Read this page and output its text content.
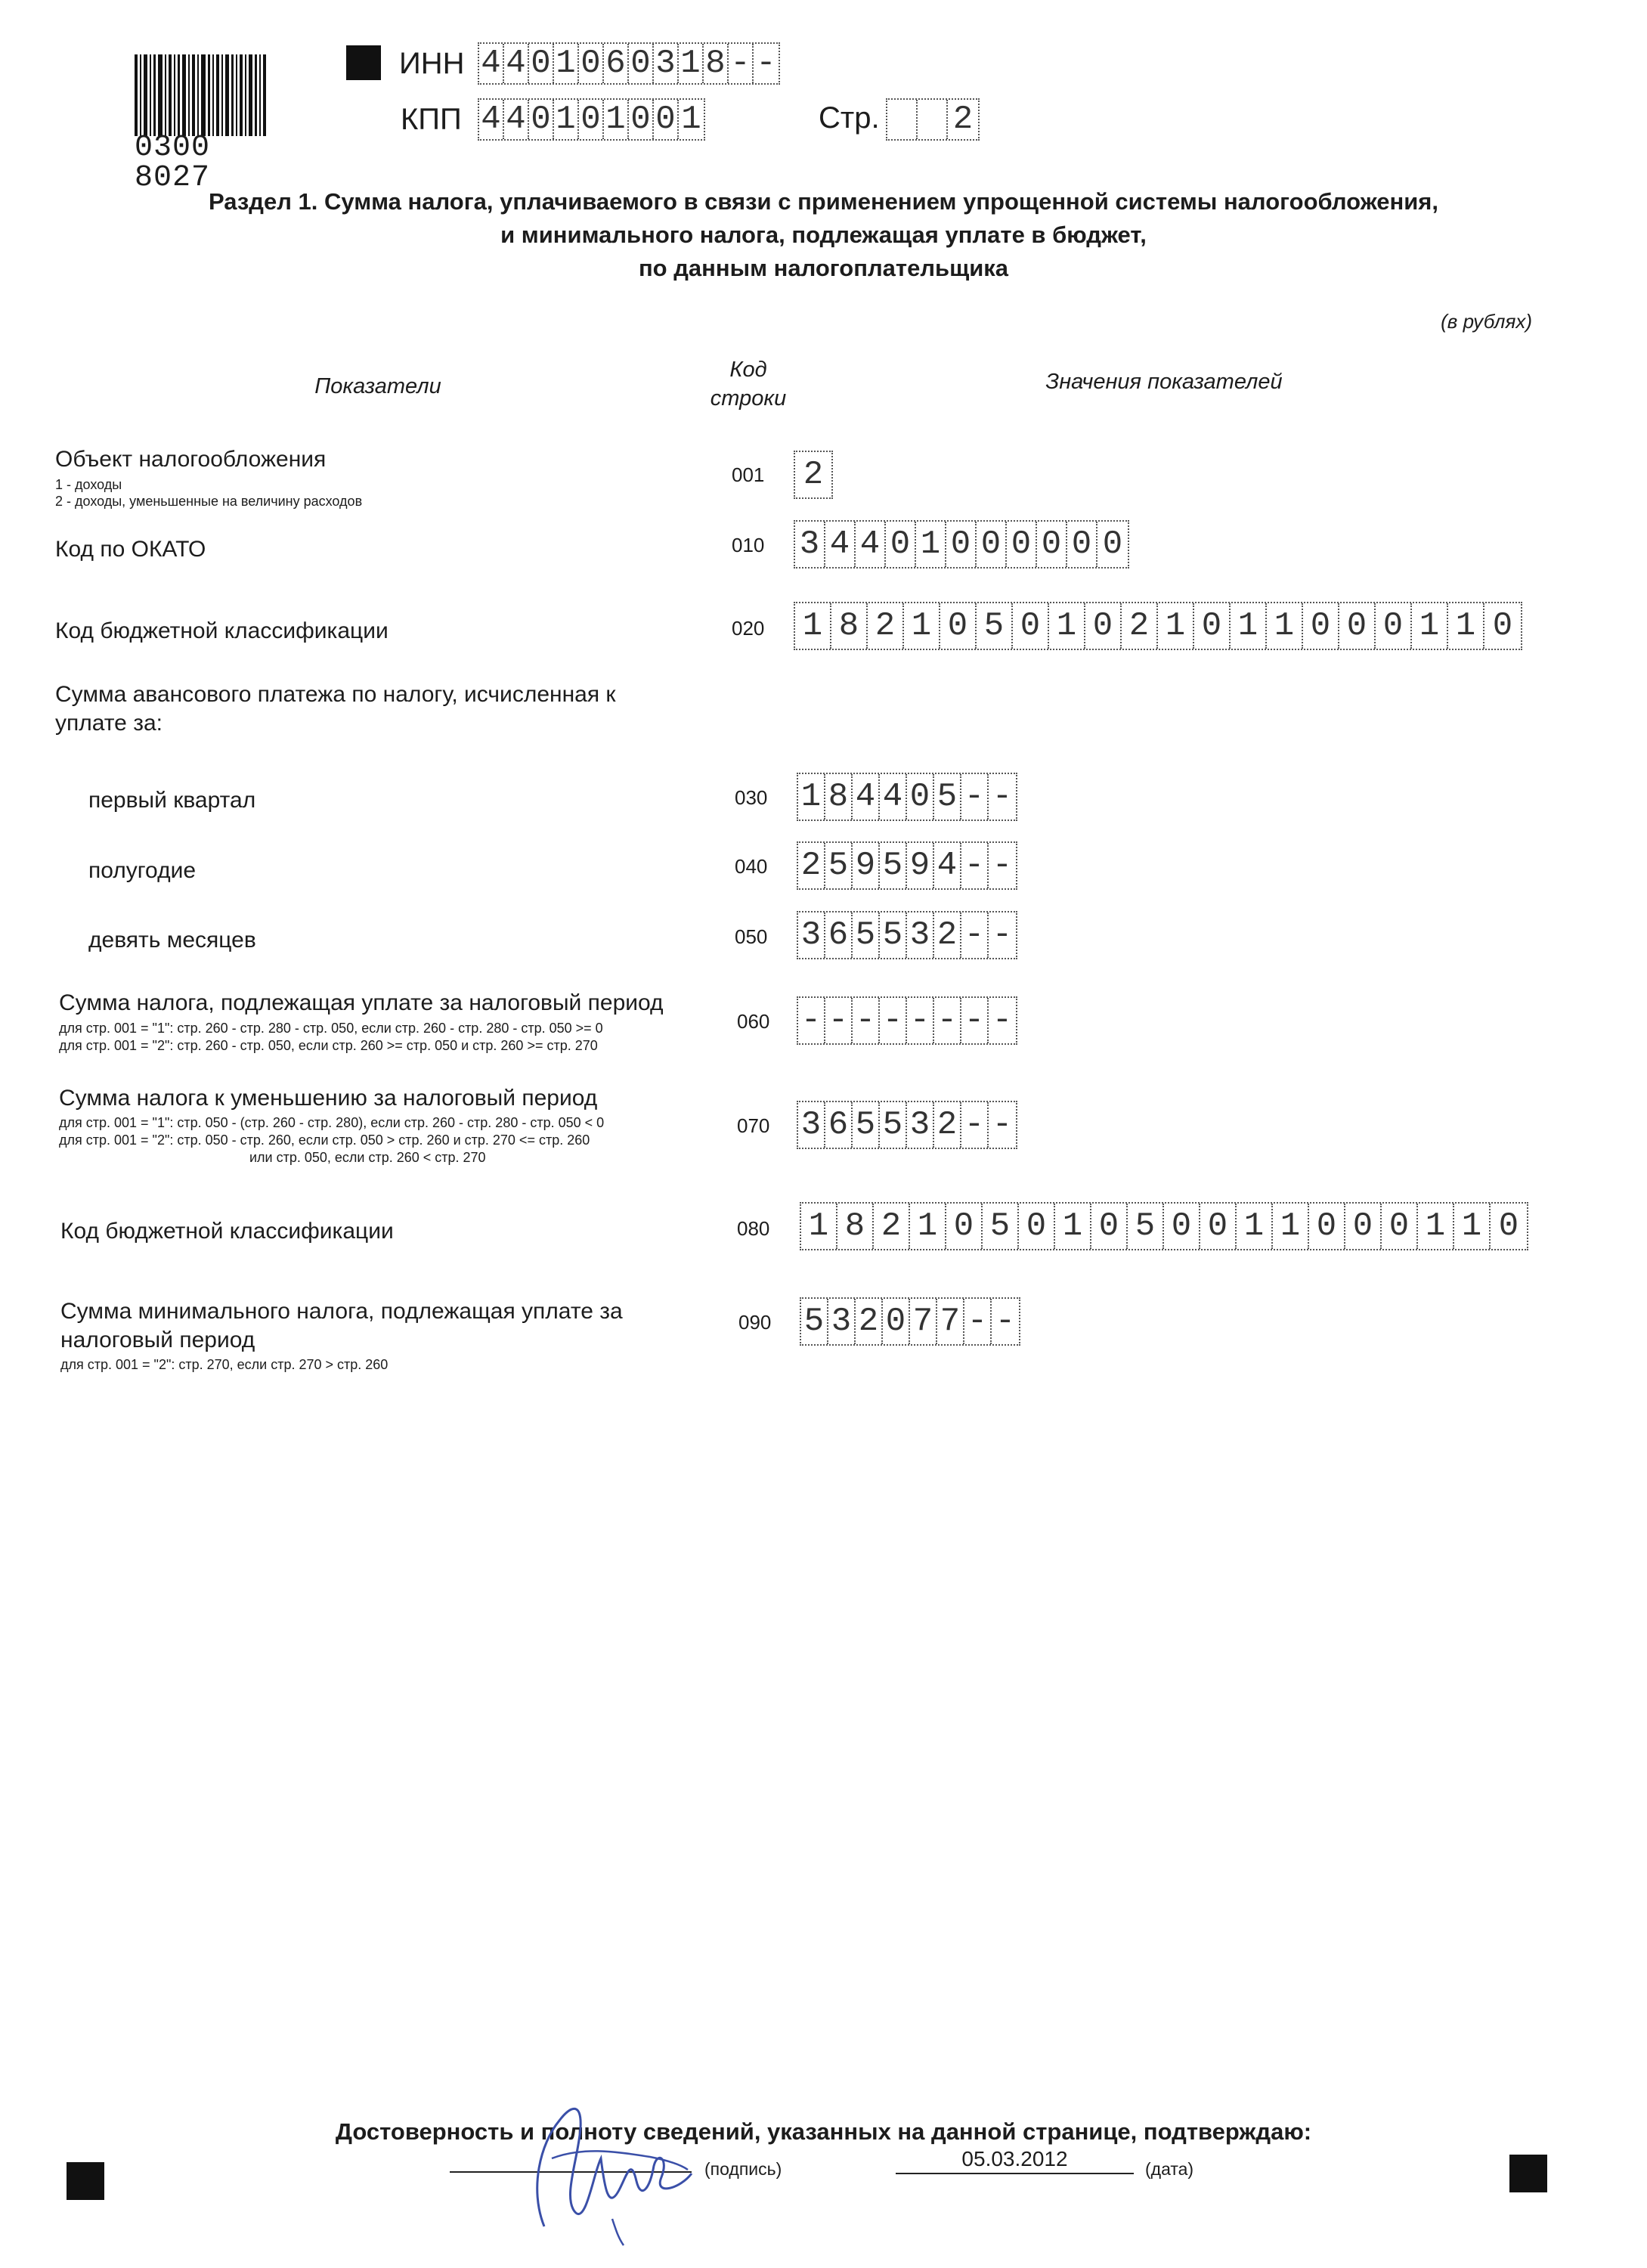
0300 8027
ИНН 4 4 0 1 0 6 0 3 1 8 - -
КПП 4 4 0 1 0 1 0 0 1	Стр. 2
Раздел 1. Сумма налога, уплачиваемого в связи с применением упрощенной системы налогообложения,
и минимального налога, подлежащая уплате в бюджет,
по данным налогоплательщика
(в рублях)
Показатели
Код
строки
Значения показателей
Объект налогообложения
1 - доходы
2 - доходы, уменьшенные на величину расходов
001 2
Код по ОКАТО	010 3 4 4 0 1 0 0 0 0 0 0
Код бюджетной классификации	020 1 8 2 1 0 5 0 1 0 2 1 0 1 1 0 0 0 1 1 0
Сумма авансового платежа по налогу, исчисленная к
уплате за:
первый квартал	030 1 8 4 4 0 5 - -
полугодие	040 2 5 9 5 9 4 - -
девять месяцев	050 3 6 5 5 3 2 - -
Сумма налога, подлежащая уплате за налоговый период
для стр. 001 = "1": стр. 260 - стр. 280 - стр. 050, если стр. 260 - стр. 280 - стр. 050 >= 0
для стр. 001 = "2": стр. 260 - стр. 050, если стр. 260 >= стр. 050 и стр. 260 >= стр. 270
060 - - - - - - - -
Сумма налога к уменьшению за налоговый период
для стр. 001 = "1": стр. 050 - (стр. 260 - стр. 280), если стр. 260 - стр. 280 - стр. 050 < 0
для стр. 001 = "2": стр. 050 - стр. 260, если стр. 050 > стр. 260 и стр. 270 <= стр. 260
или стр. 050, если стр. 260 < стр. 270
070 3 6 5 5 3 2 - -
Код бюджетной классификации	080 1 8 2 1 0 5 0 1 0 5 0 0 1 1 0 0 0 1 1 0
Сумма минимального налога, подлежащая уплате за
налоговый период
для стр. 001 = "2": стр. 270, если стр. 270 > стр. 260
090 5 3 2 0 7 7 - -
Достоверность и полноту сведений, указанных на данной странице, подтверждаю:
(подпись)	05.03.2012	(дата)
